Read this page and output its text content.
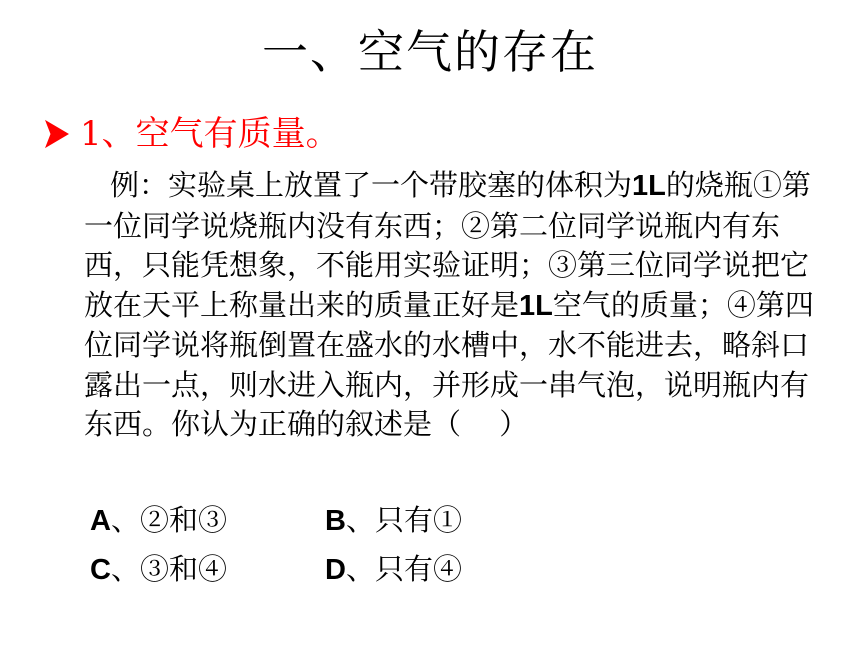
一、空气的存在
1、空气有质量。

例：实验桌上放置了一个带胶塞的体积为1L的烧瓶①第一位同学说烧瓶内没有东西；②第二位同学说瓶内有东西，只能凭想象，不能用实验证明；③第三位同学说把它放在天平上称量出来的质量正好是1L空气的质量；④第四位同学说将瓶倒置在盛水的水槽中，水不能进去，略斜口露出一点，则水进入瓶内，并形成一串气泡，说明瓶内有东西。你认为正确的叙述是（　 ）

A、②和③	B、只有①
C、③和④	D、只有④
